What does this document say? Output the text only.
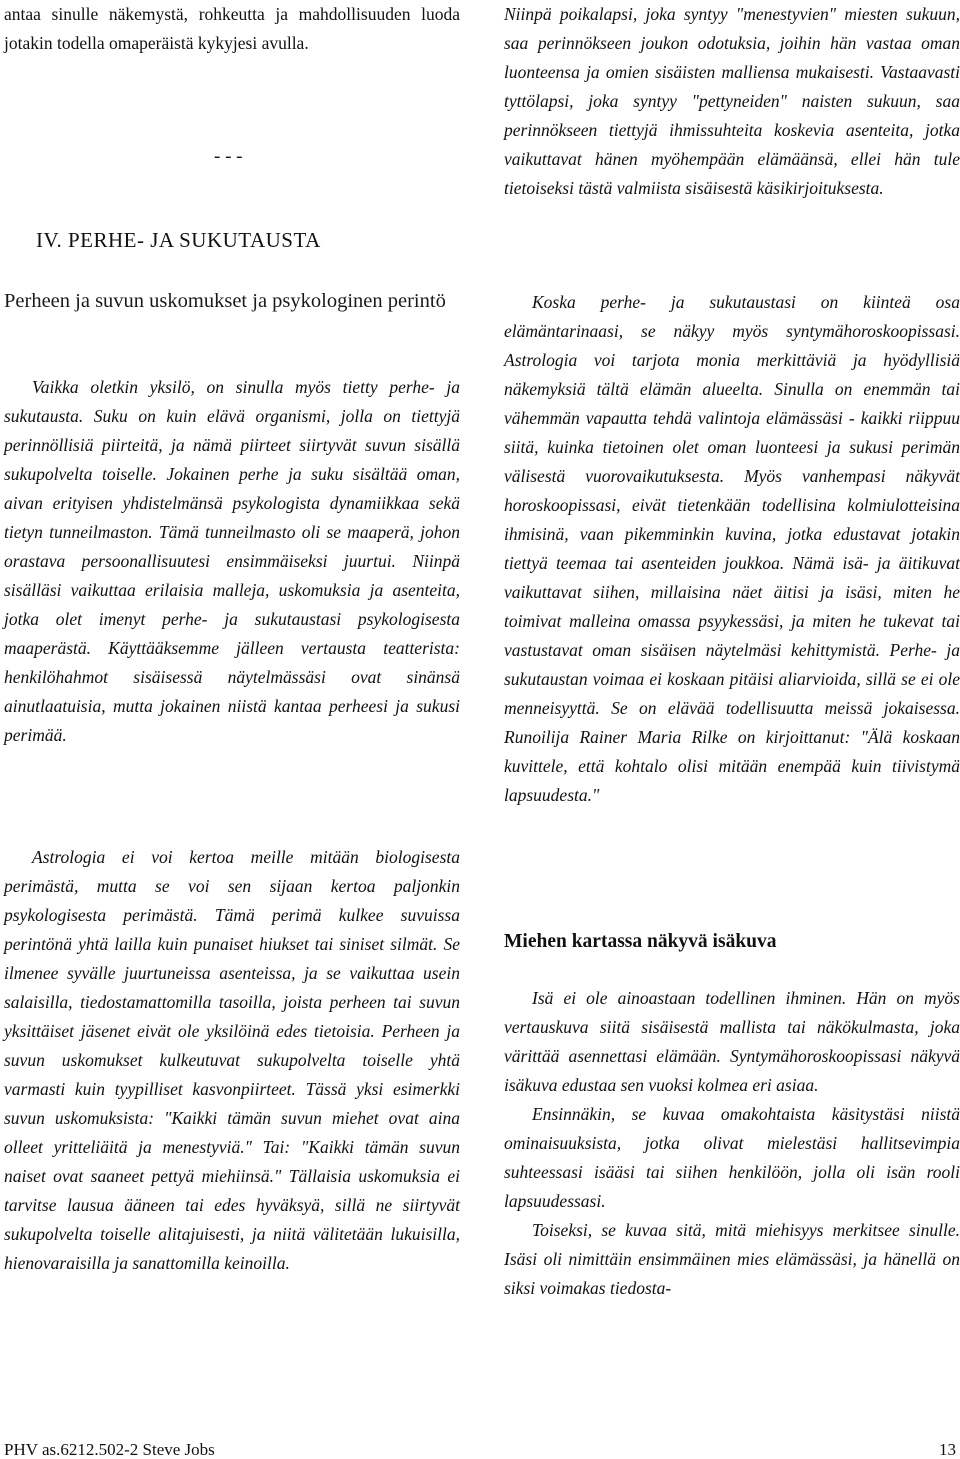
antaa sinulle näkemystä, rohkeutta ja mahdollisuuden luoda jotakin todella omaperäistä kykyjesi avulla.

- - -
IV. PERHE- JA SUKUTAUSTA
Perheen ja suvun uskomukset ja psykologinen perintö

Vaikka oletkin yksilö, on sinulla myös tietty perhe- ja sukutausta. Suku on kuin elävä organismi, jolla on tiettyjä perinnöllisiä piirteitä, ja nämä piirteet siirtyvät suvun sisällä sukupolvelta toiselle. Jokainen perhe ja suku sisältää oman, aivan erityisen yhdistelmänsä psykologista dynamiikkaa sekä tietyn tunneilmaston. Tämä tunneilmasto oli se maaperä, johon orastava persoonallisuutesi ensimmäiseksi juurtui. Niinpä sisälläsi vaikuttaa erilaisia malleja, uskomuksia ja asenteita, jotka olet imenyt perhe- ja sukutaustasi psykologisesta maaperästä. Käyttääksemme jälleen vertausta teatterista: henkilöhahmot sisäisessä näytelmässäsi ovat sinänsä ainutlaatuisia, mutta jokainen niistä kantaa perheesi ja sukusi perimää.

Astrologia ei voi kertoa meille mitään biologisesta perimästä, mutta se voi sen sijaan kertoa paljonkin psykologisesta perimästä. Tämä perimä kulkee suvuissa perintönä yhtä lailla kuin punaiset hiukset tai siniset silmät. Se ilmenee syvälle juurtuneissa asenteissa, ja se vaikuttaa usein salaisilla, tiedostamattomilla tasoilla, joista perheen tai suvun yksittäiset jäsenet eivät ole yksilöinä edes tietoisia. Perheen ja suvun uskomukset kulkeutuvat sukupolvelta toiselle yhtä varmasti kuin tyypilliset kasvonpiirteet. Tässä yksi esimerkki suvun uskomuksista: "Kaikki tämän suvun miehet ovat aina olleet yritteliäitä ja menestyviä." Tai: "Kaikki tämän suvun naiset ovat saaneet pettyä miehiinsä." Tällaisia uskomuksia ei tarvitse lausua ääneen tai edes hyväksyä, sillä ne siirtyvät sukupolvelta toiselle alitajuisesti, ja niitä välitetään lukuisilla, hienovaraisilla ja sanattomilla keinoilla.

Niinpä poikalapsi, joka syntyy "menestyvien" miesten sukuun, saa perinnökseen joukon odotuksia, joihin hän vastaa oman luonteensa ja omien sisäisten malliensa mukaisesti. Vastaavasti tyttölapsi, joka syntyy "pettyneiden" naisten sukuun, saa perinnökseen tiettyjä ihmissuhteita koskevia asenteita, jotka vaikuttavat hänen myöhempään elämäänsä, ellei hän tule tietoiseksi tästä valmiista sisäisestä käsikirjoituksesta.

Koska perhe- ja sukutaustasi on kiinteä osa elämäntarinaasi, se näkyy myös syntymähoroskoopissasi. Astrologia voi tarjota monia merkittäviä ja hyödyllisiä näkemyksiä tältä elämän alueelta. Sinulla on enemmän tai vähemmän vapautta tehdä valintoja elämässäsi - kaikki riippuu siitä, kuinka tietoinen olet oman luonteesi ja sukusi perimän välisestä vuorovaikutuksesta. Myös vanhempasi näkyvät horoskoopissasi, eivät tietenkään todellisina kolmiulotteisina ihmisinä, vaan pikemminkin kuvina, jotka edustavat jotakin tiettyä teemaa tai asenteiden joukkoa. Nämä isä- ja äitikuvat vaikuttavat siihen, millaisina näet äitisi ja isäsi, miten he toimivat malleina omassa psyykessäsi, ja miten he tukevat tai vastustavat oman sisäisen näytelmäsi kehittymistä. Perhe- ja sukutaustan voimaa ei koskaan pitäisi aliarvioida, sillä se ei ole menneisyyttä. Se on elävää todellisuutta meissä jokaisessa. Runoilija Rainer Maria Rilke on kirjoittanut: "Älä koskaan kuvittele, että kohtalo olisi mitään enempää kuin tiivistymä lapsuudesta."

Miehen kartassa näkyvä isäkuva

Isä ei ole ainoastaan todellinen ihminen. Hän on myös vertauskuva siitä sisäisestä mallista tai näkökulmasta, joka värittää asennettasi elämään. Syntymähoroskoopissasi näkyvä isäkuva edustaa sen vuoksi kolmea eri asiaa.

Ensinnäkin, se kuvaa omakohtaista käsitystäsi niistä ominaisuuksista, jotka olivat mielestäsi hallitsevimpia suhteessasi isääsi tai siihen henkilöön, jolla oli isän rooli lapsuudessasi.

Toiseksi, se kuvaa sitä, mitä miehisyys merkitsee sinulle. Isäsi oli nimittäin ensimmäinen mies elämässäsi, ja hänellä on siksi voimakas tiedosta-

PHV as.6212.502-2 Steve Jobs	13
